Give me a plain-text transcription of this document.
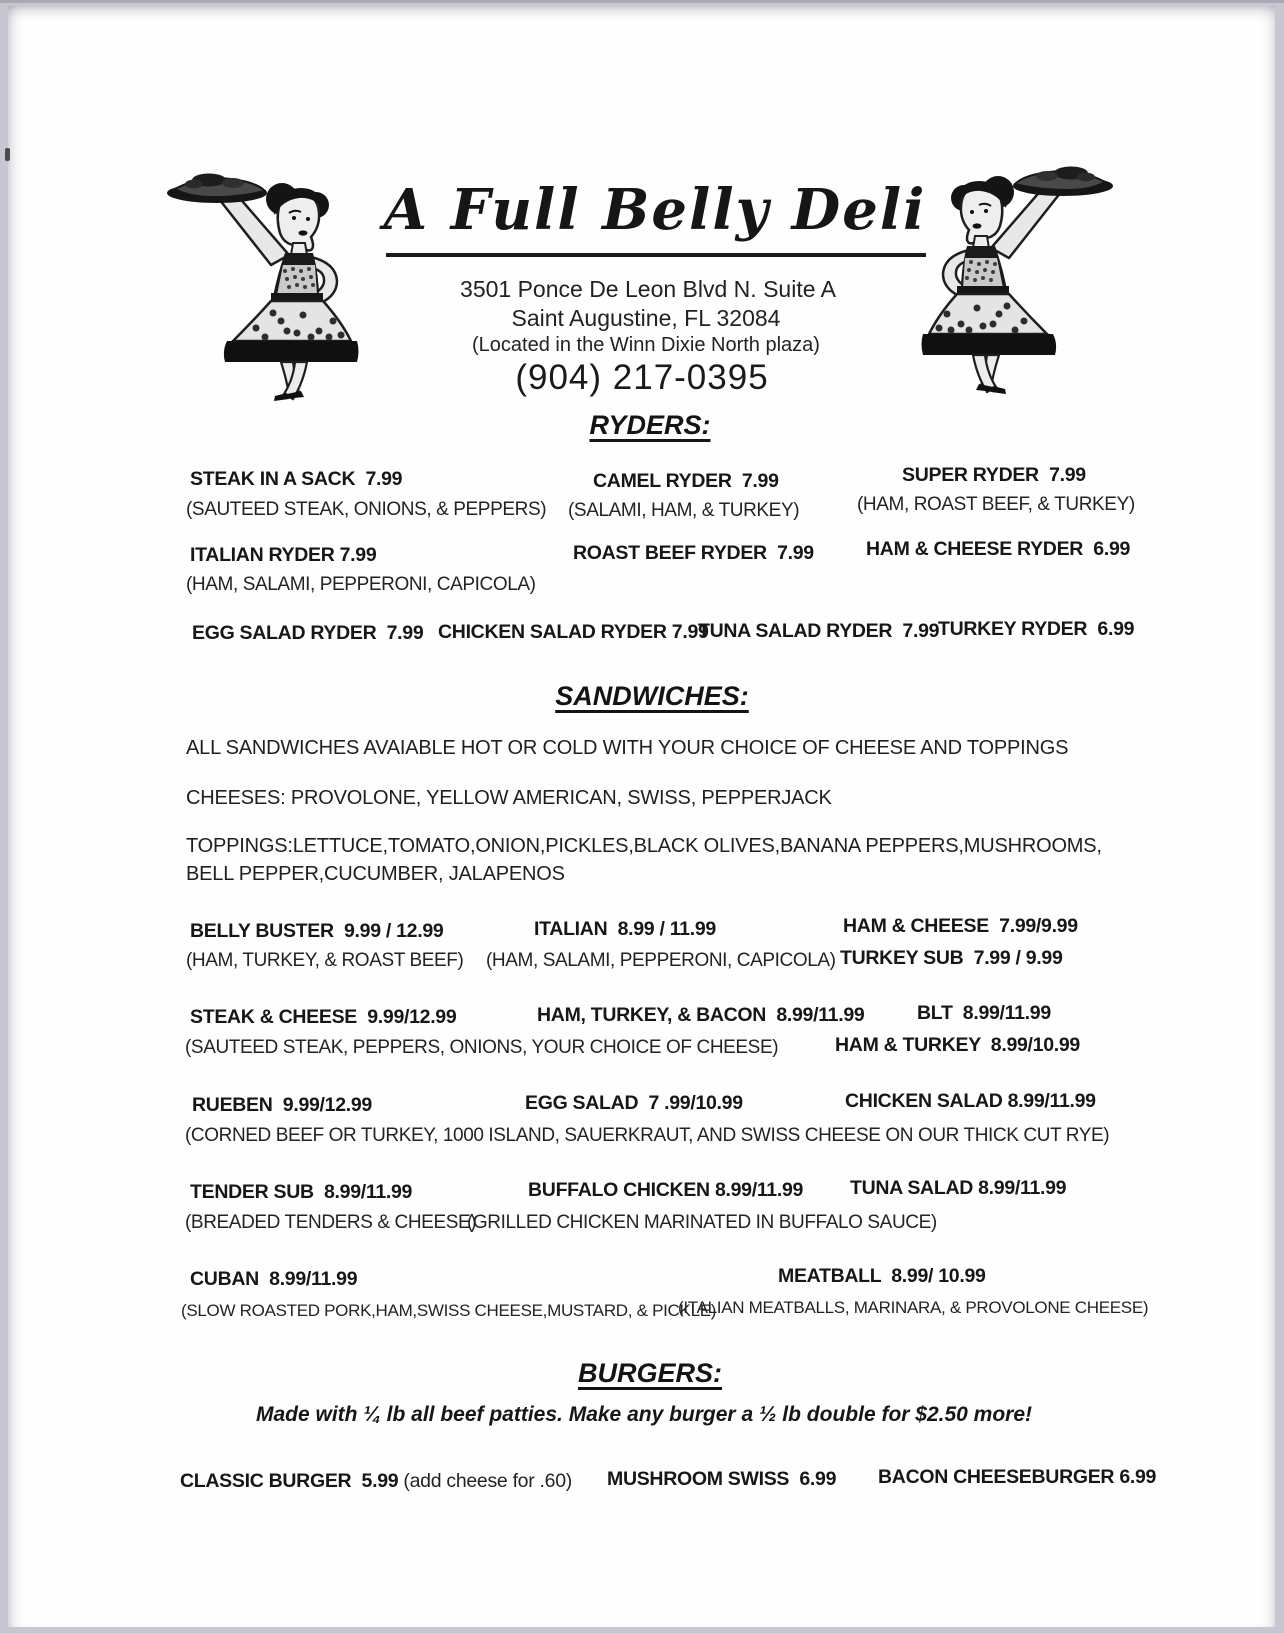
A Full Belly Deli
3501 Ponce De Leon Blvd N. Suite A
Saint Augustine, FL 32084
(Located in the Winn Dixie North plaza)
(904) 217-0395
RYDERS:
STEAK IN A SACK  7.99
(SAUTEED STEAK, ONIONS, & PEPPERS)
CAMEL RYDER  7.99
(SALAMI, HAM, & TURKEY)
SUPER RYDER  7.99
(HAM, ROAST BEEF, & TURKEY)
ITALIAN RYDER 7.99
(HAM, SALAMI, PEPPERONI, CAPICOLA)
ROAST BEEF RYDER  7.99	HAM & CHEESE RYDER  6.99
EGG SALAD RYDER  7.99 CHICKEN SALAD RYDER 7.99
TUNA SALAD RYDER  7.99
TURKEY RYDER  6.99
SANDWICHES:
ALL SANDWICHES AVAIABLE HOT OR COLD WITH YOUR CHOICE OF CHEESE AND TOPPINGS
CHEESES: PROVOLONE, YELLOW AMERICAN, SWISS, PEPPERJACK
TOPPINGS:LETTUCE,TOMATO,ONION,PICKLES,BLACK OLIVES,BANANA PEPPERS,MUSHROOMS,
BELL PEPPER,CUCUMBER, JALAPENOS
BELLY BUSTER  9.99 / 12.99
(HAM, TURKEY, & ROAST BEEF)
ITALIAN  8.99 / 11.99
(HAM, SALAMI, PEPPERONI, CAPICOLA)
HAM & CHEESE  7.99/9.99
TURKEY SUB  7.99 / 9.99
STEAK & CHEESE  9.99/12.99
(SAUTEED STEAK, PEPPERS, ONIONS, YOUR CHOICE OF CHEESE)
HAM, TURKEY, & BACON  8.99/11.99	BLT  8.99/11.99
HAM & TURKEY  8.99/10.99
RUEBEN  9.99/12.99
(CORNED BEEF OR TURKEY, 1000 ISLAND, SAUERKRAUT, AND SWISS CHEESE ON OUR THICK CUT RYE)
EGG SALAD  7 .99/10.99	CHICKEN SALAD 8.99/11.99
TENDER SUB  8.99/11.99
(BREADED TENDERS & CHEESE)
BUFFALO CHICKEN 8.99/11.99
(GRILLED CHICKEN MARINATED IN BUFFALO SAUCE)
TUNA SALAD 8.99/11.99
CUBAN  8.99/11.99
(SLOW ROASTED PORK,HAM,SWISS CHEESE,MUSTARD, & PICKLE)
MEATBALL  8.99/ 10.99
(ITALIAN MEATBALLS, MARINARA, & PROVOLONE CHEESE)
BURGERS:
Made with ¼ lb all beef patties. Make any burger a ½ lb double for $2.50 more!
CLASSIC BURGER  5.99 (add cheese for .60) MUSHROOM SWISS  6.99 BACON CHEESEBURGER 6.99
